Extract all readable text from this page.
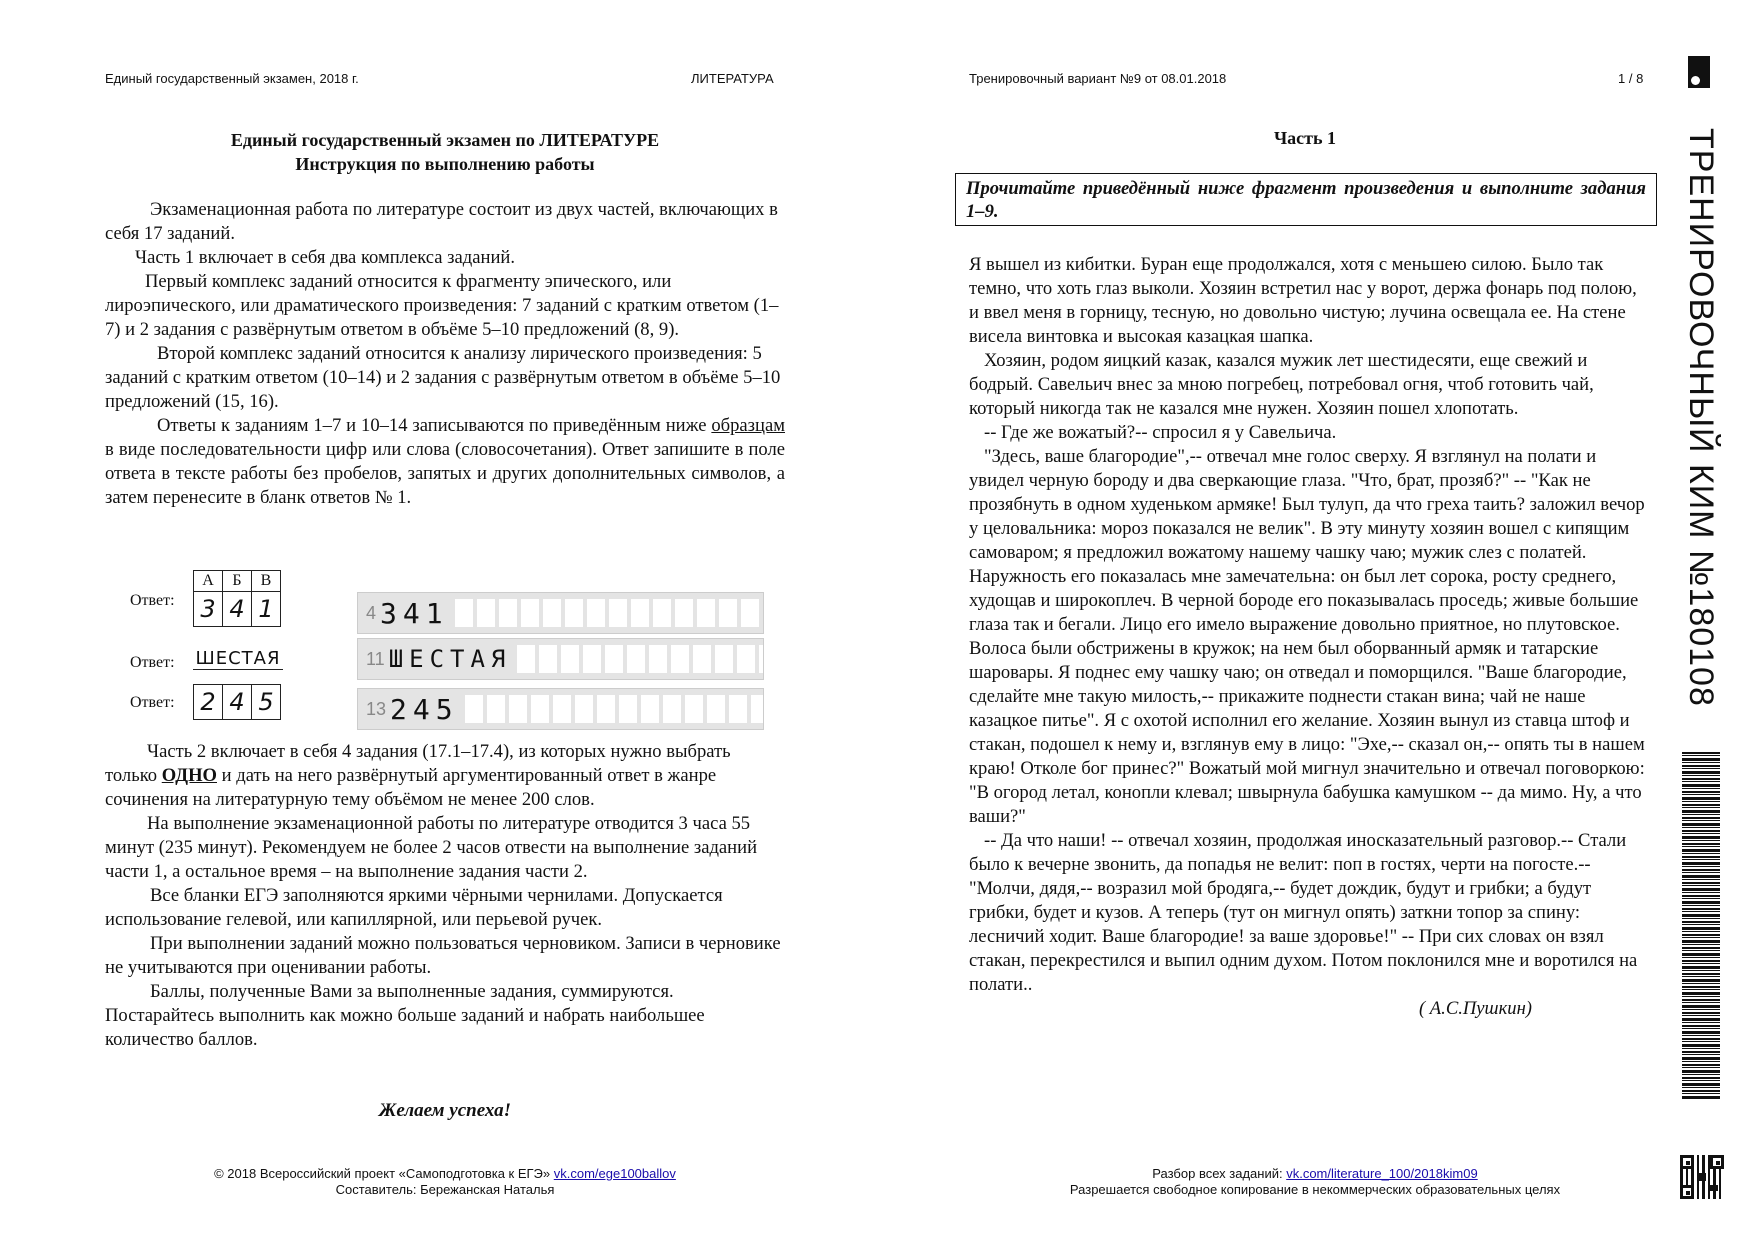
Единый государственный экзамен, 2018 г.	ЛИТЕРАТУРА	Тренировочный вариант №9 от 08.01.2018	1 / 8
Единый государственный экзамен по ЛИТЕРАТУРЕ
Инструкция по выполнению работы

Экзаменационная работа по литературе состоит из двух частей, включающих в себя 17 заданий.

Часть 1 включает в себя два комплекса заданий.

Первый комплекс заданий относится к фрагменту эпического, или лироэпического, или драматического произведения: 7 заданий с кратким ответом (1–7) и 2 задания с развёрнутым ответом в объёме 5–10 предложений (8, 9).

Второй комплекс заданий относится к анализу лирического произведения: 5 заданий с кратким ответом (10–14) и 2 задания с развёрнутым ответом в объёме 5–10 предложений (15, 16).

Ответы к заданиям 1–7 и 10–14 записываются по приведённым ниже образцам в виде последовательности цифр или слова (словосочетания). Ответ запишите в поле ответа в тексте работы без пробелов, запятых и других дополнительных символов, а затем перенесите в бланк ответов № 1.

Ответ:
А	Б	В
3	4	1
Ответ: ШЕСТАЯ
Ответ: 2	4	5
4 341
11 ШЕСТАЯ
13 245

Часть 2 включает в себя 4 задания (17.1–17.4), из которых нужно выбрать только ОДНО и дать на него развёрнутый аргументированный ответ в жанре сочинения на литературную тему объёмом не менее 200 слов.

На выполнение экзаменационной работы по литературе отводится 3 часа 55 минут (235 минут). Рекомендуем не более 2 часов отвести на выполнение заданий части 1, а остальное время – на выполнение задания части 2.

Все бланки ЕГЭ заполняются яркими чёрными чернилами. Допускается использование гелевой, или капиллярной, или перьевой ручек.

При выполнении заданий можно пользоваться черновиком. Записи в черновике не учитываются при оценивании работы.

Баллы, полученные Вами за выполненные задания, суммируются. Постарайтесь выполнить как можно больше заданий и набрать наибольшее количество баллов.

Желаем успеха!
© 2018 Всероссийский проект «Самоподготовка к ЕГЭ» vk.com/ege100ballov
Составитель: Бережанская Наталья
Часть 1
Прочитайте приведённый ниже фрагмент произведения и выполните задания 1–9.

Я вышел из кибитки. Буран еще продолжался, хотя с меньшею силою. Было так темно, что хоть глаз выколи. Хозяин встретил нас у ворот, держа фонарь под полою, и ввел меня в горницу, тесную, но довольно чистую; лучина освещала ее. На стене висела винтовка и высокая казацкая шапка.

Хозяин, родом яицкий казак, казался мужик лет шестидесяти, еще свежий и бодрый. Савельич внес за мною погребец, потребовал огня, чтоб готовить чай, который никогда так не казался мне нужен. Хозяин пошел хлопотать.

-- Где же вожатый?-- спросил я у Савельича.

"Здесь, ваше благородие",-- отвечал мне голос сверху. Я взглянул на полати и увидел черную бороду и два сверкающие глаза. "Что, брат, прозяб?" -- "Как не прозябнуть в одном худеньком армяке! Был тулуп, да что греха таить? заложил вечор у целовальника: мороз показался не велик". В эту минуту хозяин вошел с кипящим самоваром; я предложил вожатому нашему чашку чаю; мужик слез с полатей. Наружность его показалась мне замечательна: он был лет сорока, росту среднего, худощав и широкоплеч. В черной бороде его показывалась проседь; живые большие глаза так и бегали. Лицо его имело выражение довольно приятное, но плутовское. Волоса были обстрижены в кружок; на нем был оборванный армяк и татарские шаровары. Я поднес ему чашку чаю; он отведал и поморщился. "Ваше благородие, сделайте мне такую милость,-- прикажите поднести стакан вина; чай не наше казацкое питье". Я с охотой исполнил его желание. Хозяин вынул из ставца штоф и стакан, подошел к нему и, взглянув ему в лицо: "Эхе,-- сказал он,-- опять ты в нашем краю! Отколе бог принес?" Вожатый мой мигнул значительно и отвечал поговоркою: "В огород летал, конопли клевал; швырнула бабушка камушком -- да мимо. Ну, а что ваши?"

-- Да что наши! -- отвечал хозяин, продолжая иносказательный разговор.-- Стали было к вечерне звонить, да попадья не велит: поп в гостях, черти на погосте.-- "Молчи, дядя,-- возразил мой бродяга,-- будет дождик, будут и грибки; а будут грибки, будет и кузов. А теперь (тут он мигнул опять) заткни топор за спину: лесничий ходит. Ваше благородие! за ваше здоровье!" -- При сих словах он взял стакан, перекрестился и выпил одним духом. Потом поклонился мне и воротился на полати..

( А.С.Пушкин)

Разбор всех заданий: vk.com/literature_100/2018kim09
Разрешается свободное копирование в некоммерческих образовательных целях
ТРЕНИРОВОЧНЫЙ КИМ №180108
